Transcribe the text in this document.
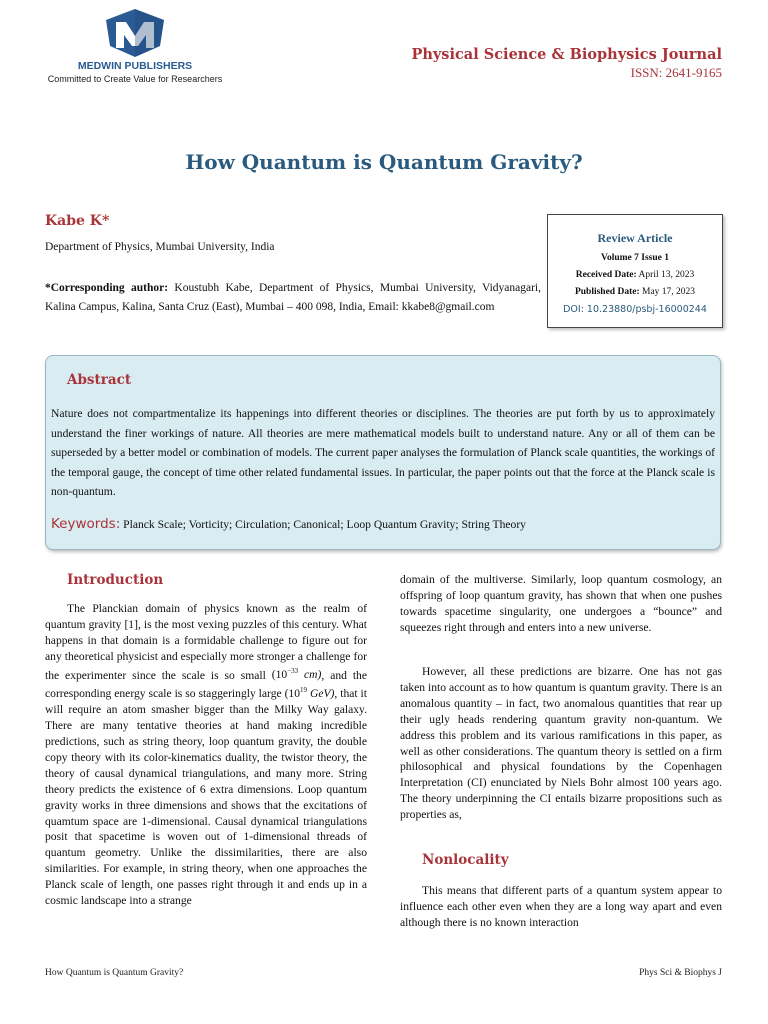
MEDWIN PUBLISHERS
Committed to Create Value for Researchers
Physical Science & Biophysics Journal
ISSN: 2641-9165
How Quantum is Quantum Gravity?
Kabe K*
Department of Physics, Mumbai University, India
*Corresponding author: Koustubh Kabe, Department of Physics, Mumbai University, Vidyanagari, Kalina Campus, Kalina, Santa Cruz (East), Mumbai – 400 098, India, Email: kkabe8@gmail.com
Review Article
Volume 7 Issue 1
Received Date: April 13, 2023
Published Date: May 17, 2023
DOI: 10.23880/psbj-16000244
Abstract
Nature does not compartmentalize its happenings into different theories or disciplines. The theories are put forth by us to approximately understand the finer workings of nature. All theories are mere mathematical models built to understand nature. Any or all of them can be superseded by a better model or combination of models. The current paper analyses the formulation of Planck scale quantities, the workings of the temporal gauge, the concept of time other related fundamental issues. In particular, the paper points out that the force at the Planck scale is non-quantum.
Keywords: Planck Scale; Vorticity; Circulation; Canonical; Loop Quantum Gravity; String Theory
Introduction

The Planckian domain of physics known as the realm of quantum gravity [1], is the most vexing puzzles of this century. What happens in that domain is a formidable challenge to figure out for any theoretical physicist and especially more stronger a challenge for the experimenter since the scale is so small ($10^{-33}$ cm), and the corresponding energy scale is so staggeringly large ($10^{19}$ GeV), that it will require an atom smasher bigger than the Milky Way galaxy. There are many tentative theories at hand making incredible predictions, such as string theory, loop quantum gravity, the double copy theory with its color-kinematics duality, the twistor theory, the theory of causal dynamical triangulations, and many more. String theory predicts the existence of 6 extra dimensions. Loop quantum gravity works in three dimensions and shows that the excitations of quamtum space are 1-dimensional. Causal dynamical triangulations posit that spacetime is woven out of 1-dimensional threads of quantum geometry. Unlike the dissimilarities, there are also similarities. For example, in string theory, when one approaches the Planck scale of length, one passes right through it and ends up in a cosmic landscape into a strange

domain of the multiverse. Similarly, loop quantum cosmology, an offspring of loop quantum gravity, has shown that when one pushes towards spacetime singularity, one undergoes a “bounce” and squeezes right through and enters into a new universe.

However, all these predictions are bizarre. One has not gas taken into account as to how quantum is quantum gravity. There is an anomalous quantity – in fact, two anomalous quantities that rear up their ugly heads rendering quantum gravity non-quantum. We address this problem and its various ramifications in this paper, as well as other considerations. The quantum theory is settled on a firm philosophical and physical foundations by the Copenhagen Interpretation (CI) enunciated by Niels Bohr almost 100 years ago. The theory underpinning the CI entails bizarre propositions such as properties as,

Nonlocality

This means that different parts of a quantum system appear to influence each other even when they are a long way apart and even although there is no known interaction

How Quantum is Quantum Gravity?	Phys Sci & Biophys J
